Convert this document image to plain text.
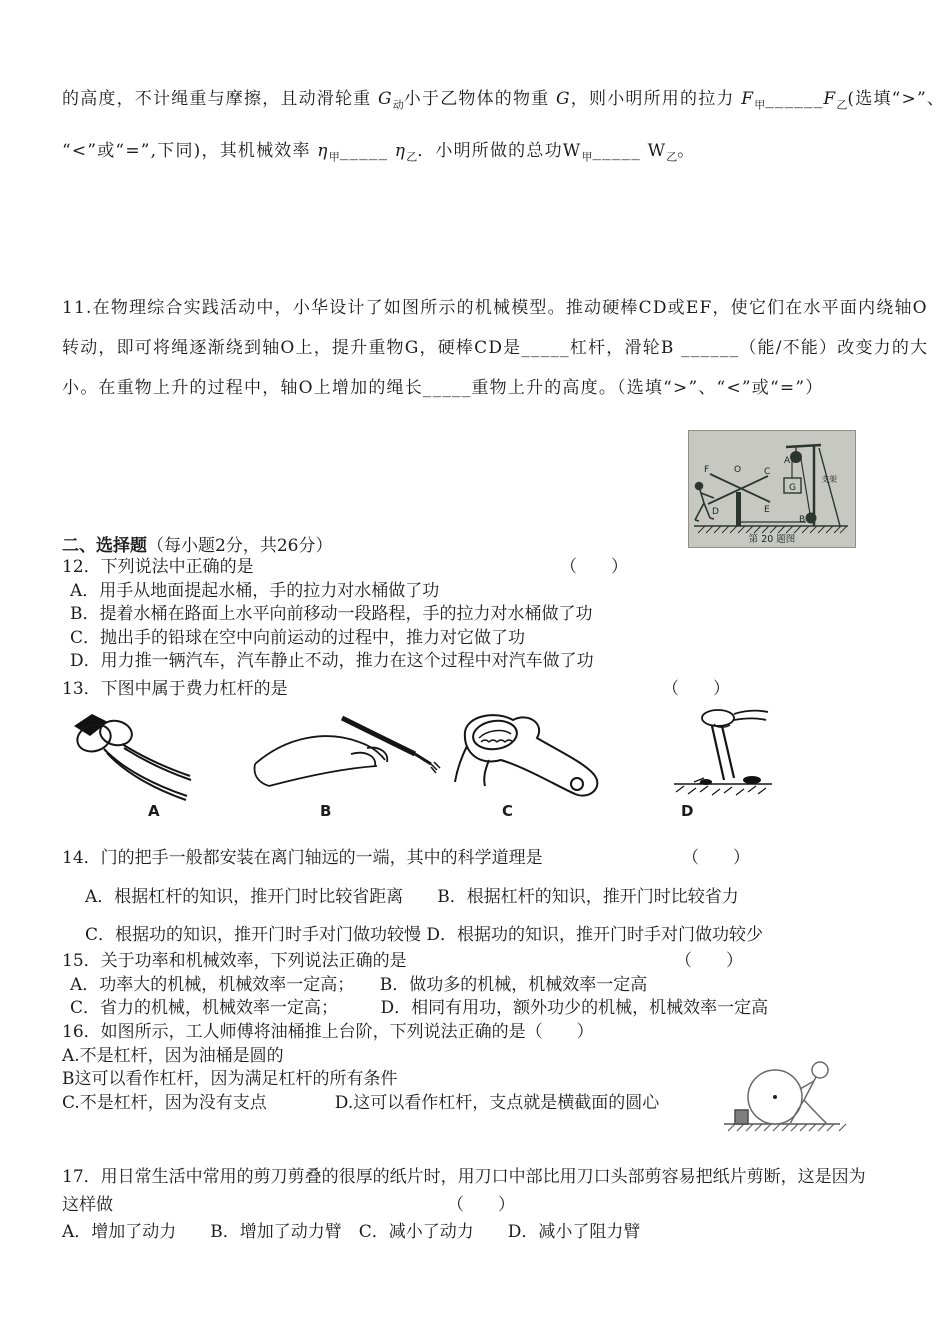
的高度，不计绳重与摩擦，且动滑轮重 $G_动$小于乙物体的物重 G，则小明所用的拉力 $F_甲\_\_\_\_\_\_F_乙$(选填“>”、
“<”或“=”,下同)，其机械效率 $\eta_甲\_\_\_\_\_$ $\eta_乙$．小明所做的总功$W_甲\_\_\_\_\_$ $W_乙$。
11.在物理综合实践活动中，小华设计了如图所示的机械模型。推动硬棒CD或EF，使它们在水平面内绕轴O
转动，即可将绳逐渐绕到轴O上，提升重物G，硬棒CD是_____杠杆，滑轮B ______（能/不能）改变力的大
小。在重物上升的过程中，轴O上增加的绳长_____重物上升的高度。（选填“>”、“<”或“=”）
F	O	C
D	E
A
B
G
支架
第 20 题图
二、选择题（每小题2分，共26分）
12．下列说法中正确的是	（　　）
A．用手从地面提起水桶，手的拉力对水桶做了功
B．提着水桶在路面上水平向前移动一段路程，手的拉力对水桶做了功
C．抛出手的铅球在空中向前运动的过程中，推力对它做了功
D．用力推一辆汽车，汽车静止不动，推力在这个过程中对汽车做了功
13．下图中属于费力杠杆的是	（　　）
A	B	C	D
14．门的把手一般都安装在离门轴远的一端，其中的科学道理是	（　　）
A．根据杠杆的知识，推开门时比较省距离　　B．根据杠杆的知识，推开门时比较省力
C．根据功的知识，推开门时手对门做功较慢 D．根据功的知识，推开门时手对门做功较少
15．关于功率和机械效率，下列说法正确的是	（　　）
A．功率大的机械，机械效率一定高；　　B．做功多的机械，机械效率一定高
C．省力的机械，机械效率一定高；　　　D．相同有用功，额外功少的机械，机械效率一定高
16．如图所示，工人师傅将油桶推上台阶，下列说法正确的是（　　）
A.不是杠杆，因为油桶是圆的
B这可以看作杠杆，因为满足杠杆的所有条件
C.不是杠杆，因为没有支点　　　　D.这可以看作杠杆，支点就是横截面的圆心
17．用日常生活中常用的剪刀剪叠的很厚的纸片时，用刀口中部比用刀口头部剪容易把纸片剪断，这是因为
这样做	（　　）
A．增加了动力　　B．增加了动力臂　C．减小了动力　　D．减小了阻力臂
